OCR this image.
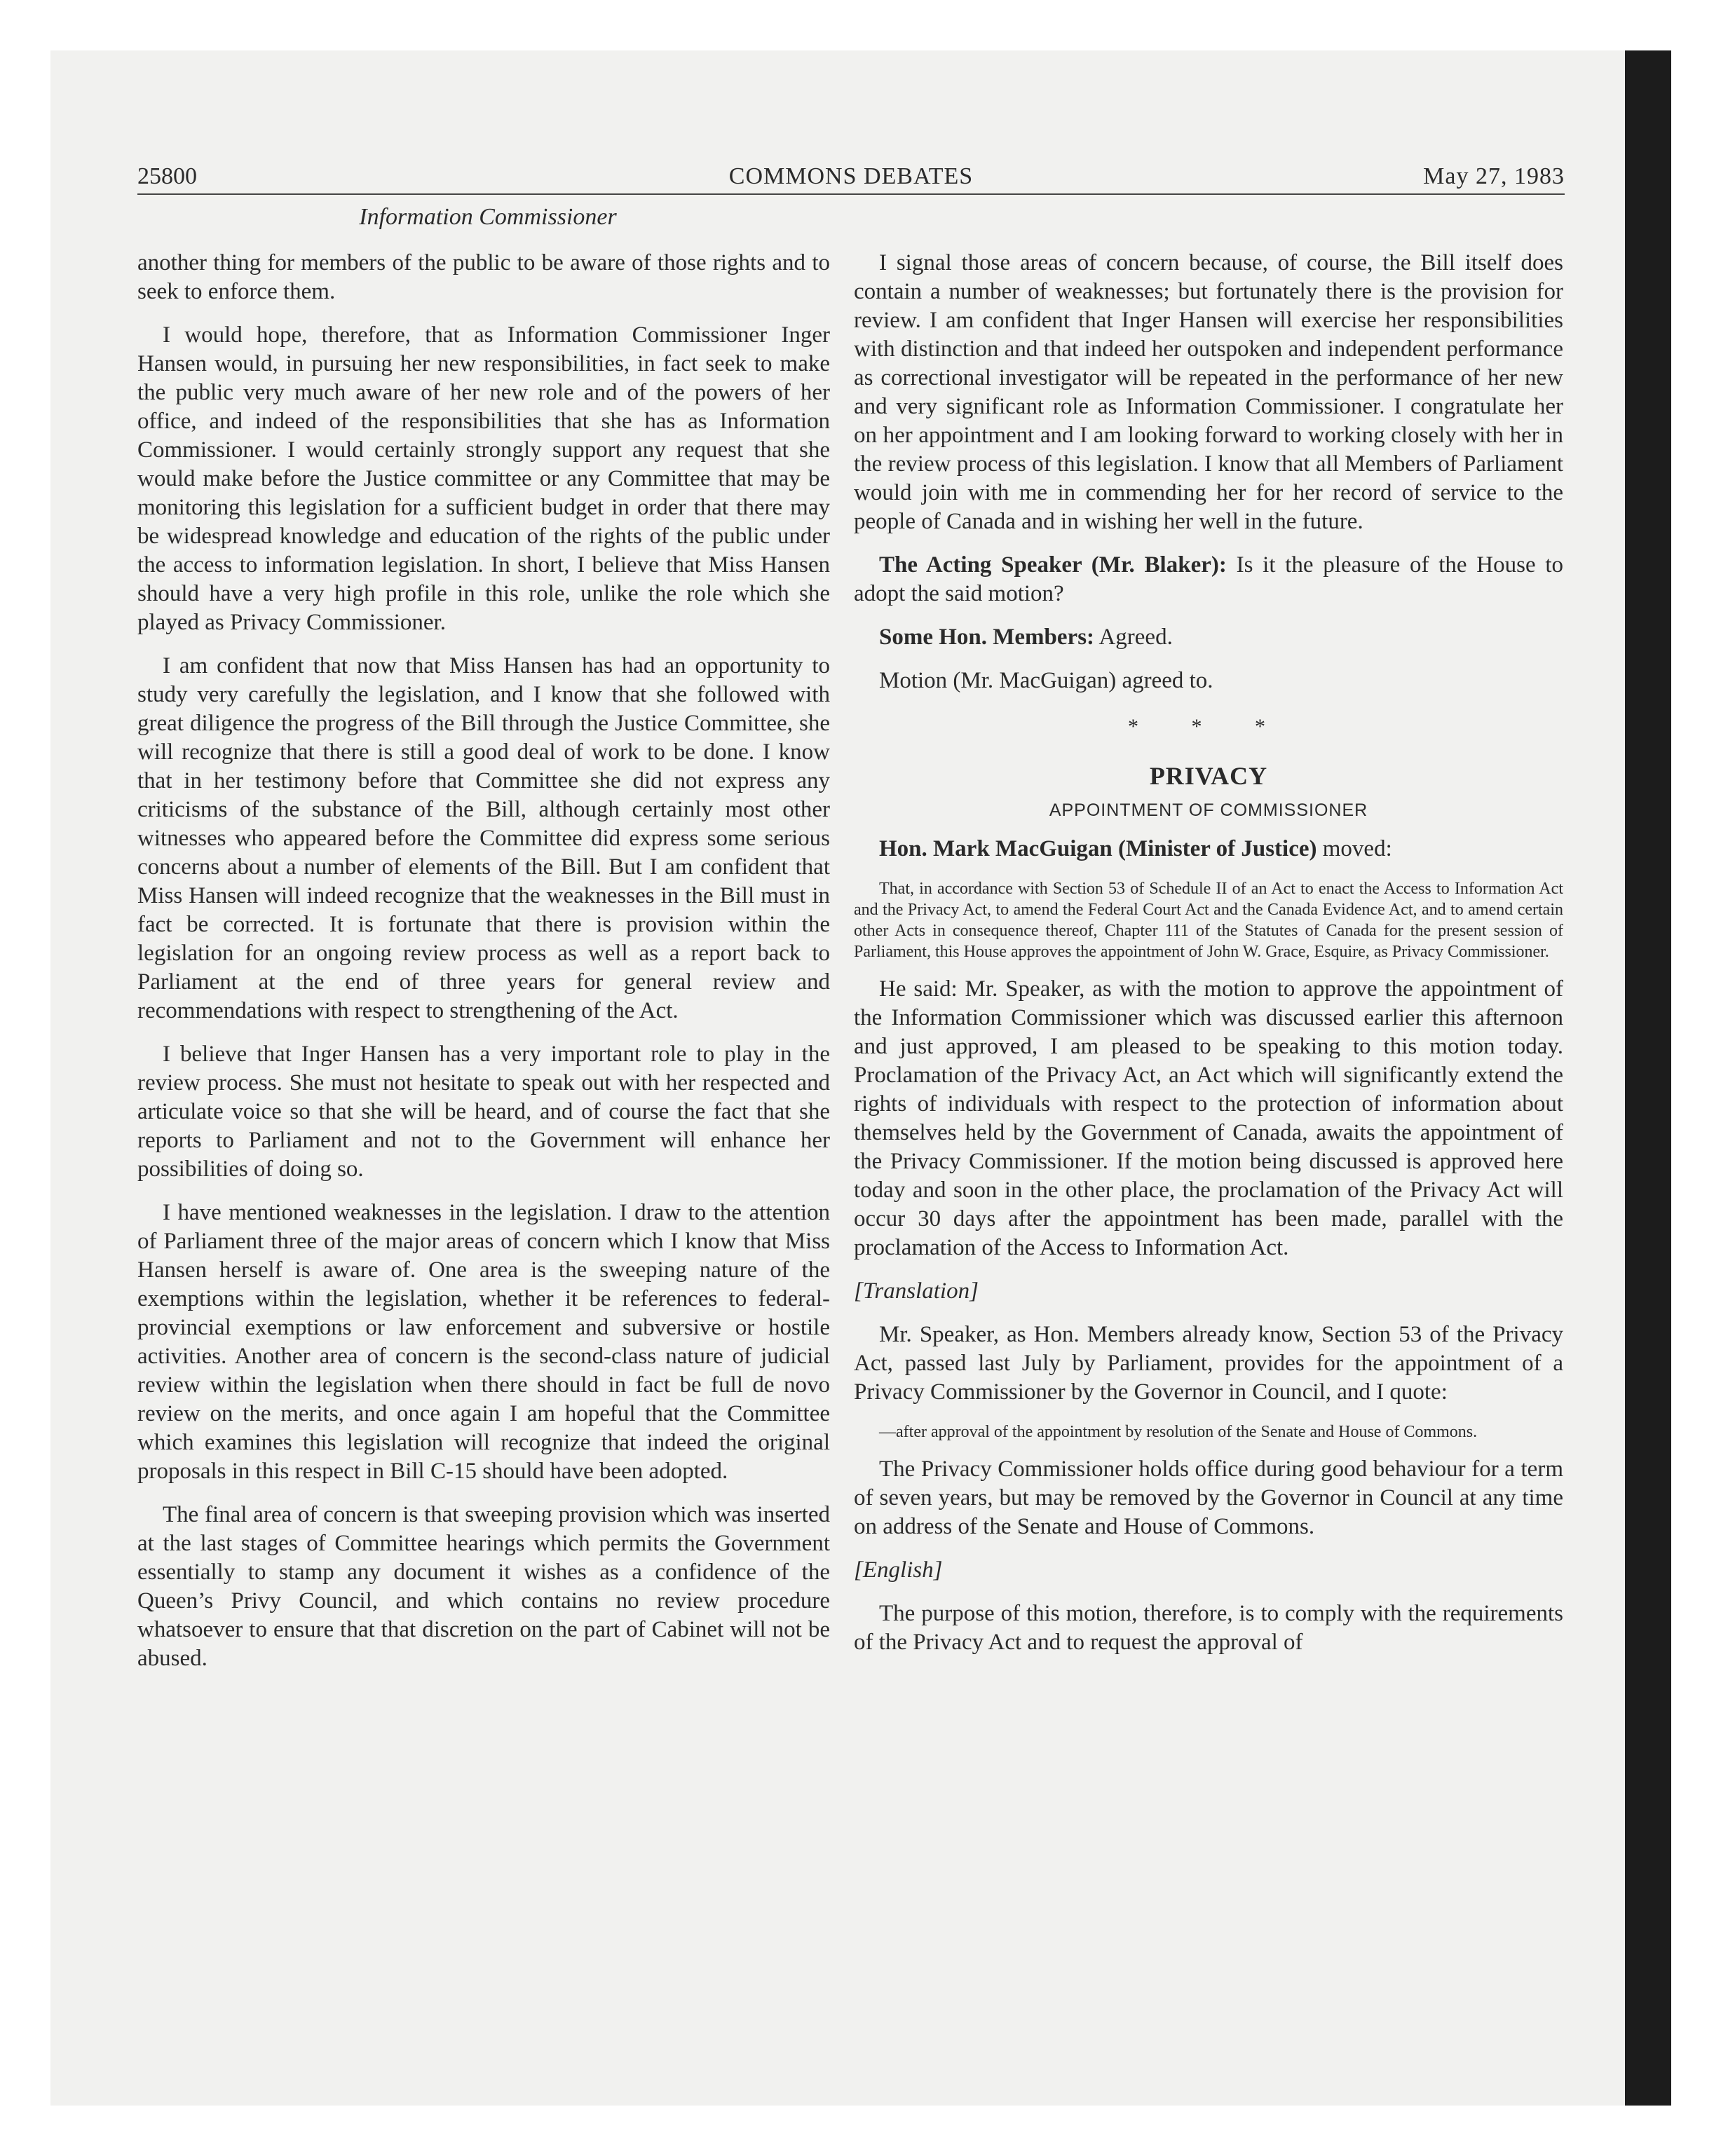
25800	COMMONS DEBATES	May 27, 1983
Information Commissioner

another thing for members of the public to be aware of those rights and to seek to enforce them.

I would hope, therefore, that as Information Commissioner Inger Hansen would, in pursuing her new responsibilities, in fact seek to make the public very much aware of her new role and of the powers of her office, and indeed of the responsibilities that she has as Information Commissioner. I would certainly strongly support any request that she would make before the Justice committee or any Committee that may be monitoring this legislation for a sufficient budget in order that there may be widespread knowledge and education of the rights of the public under the access to information legislation. In short, I believe that Miss Hansen should have a very high profile in this role, unlike the role which she played as Privacy Commissioner.

I am confident that now that Miss Hansen has had an opportunity to study very carefully the legislation, and I know that she followed with great diligence the progress of the Bill through the Justice Committee, she will recognize that there is still a good deal of work to be done. I know that in her testimony before that Committee she did not express any criticisms of the substance of the Bill, although certainly most other witnesses who appeared before the Committee did express some serious concerns about a number of elements of the Bill. But I am confident that Miss Hansen will indeed recognize that the weaknesses in the Bill must in fact be corrected. It is fortunate that there is provision within the legislation for an ongoing review process as well as a report back to Parliament at the end of three years for general review and recommendations with respect to strengthening of the Act.

I believe that Inger Hansen has a very important role to play in the review process. She must not hesitate to speak out with her respected and articulate voice so that she will be heard, and of course the fact that she reports to Parliament and not to the Government will enhance her possibilities of doing so.

I have mentioned weaknesses in the legislation. I draw to the attention of Parliament three of the major areas of concern which I know that Miss Hansen herself is aware of. One area is the sweeping nature of the exemptions within the legislation, whether it be references to federal-provincial exemptions or law enforcement and subversive or hostile activities. Another area of concern is the second-class nature of judicial review within the legislation when there should in fact be full de novo review on the merits, and once again I am hopeful that the Committee which examines this legislation will recognize that indeed the original proposals in this respect in Bill C-15 should have been adopted.

The final area of concern is that sweeping provision which was inserted at the last stages of Committee hearings which permits the Government essentially to stamp any document it wishes as a confidence of the Queen’s Privy Council, and which contains no review procedure whatsoever to ensure that that discretion on the part of Cabinet will not be abused.

I signal those areas of concern because, of course, the Bill itself does contain a number of weaknesses; but fortunately there is the provision for review. I am confident that Inger Hansen will exercise her responsibilities with distinction and that indeed her outspoken and independent performance as correctional investigator will be repeated in the performance of her new and very significant role as Information Commissioner. I congratulate her on her appointment and I am looking forward to working closely with her in the review process of this legislation. I know that all Members of Parliament would join with me in commending her for her record of service to the people of Canada and in wishing her well in the future.

The Acting Speaker (Mr. Blaker): Is it the pleasure of the House to adopt the said motion?

Some Hon. Members: Agreed.

Motion (Mr. MacGuigan) agreed to.

* * *
PRIVACY
APPOINTMENT OF COMMISSIONER

Hon. Mark MacGuigan (Minister of Justice) moved:

That, in accordance with Section 53 of Schedule II of an Act to enact the Access to Information Act and the Privacy Act, to amend the Federal Court Act and the Canada Evidence Act, and to amend certain other Acts in consequence thereof, Chapter 111 of the Statutes of Canada for the present session of Parliament, this House approves the appointment of John W. Grace, Esquire, as Privacy Commissioner.

He said: Mr. Speaker, as with the motion to approve the appointment of the Information Commissioner which was discussed earlier this afternoon and just approved, I am pleased to be speaking to this motion today. Proclamation of the Privacy Act, an Act which will significantly extend the rights of individuals with respect to the protection of information about themselves held by the Government of Canada, awaits the appointment of the Privacy Commissioner. If the motion being discussed is approved here today and soon in the other place, the proclamation of the Privacy Act will occur 30 days after the appointment has been made, parallel with the proclamation of the Access to Information Act.

[Translation]

Mr. Speaker, as Hon. Members already know, Section 53 of the Privacy Act, passed last July by Parliament, provides for the appointment of a Privacy Commissioner by the Governor in Council, and I quote:

—after approval of the appointment by resolution of the Senate and House of Commons.

The Privacy Commissioner holds office during good behaviour for a term of seven years, but may be removed by the Governor in Council at any time on address of the Senate and House of Commons.

[English]

The purpose of this motion, therefore, is to comply with the requirements of the Privacy Act and to request the approval of
